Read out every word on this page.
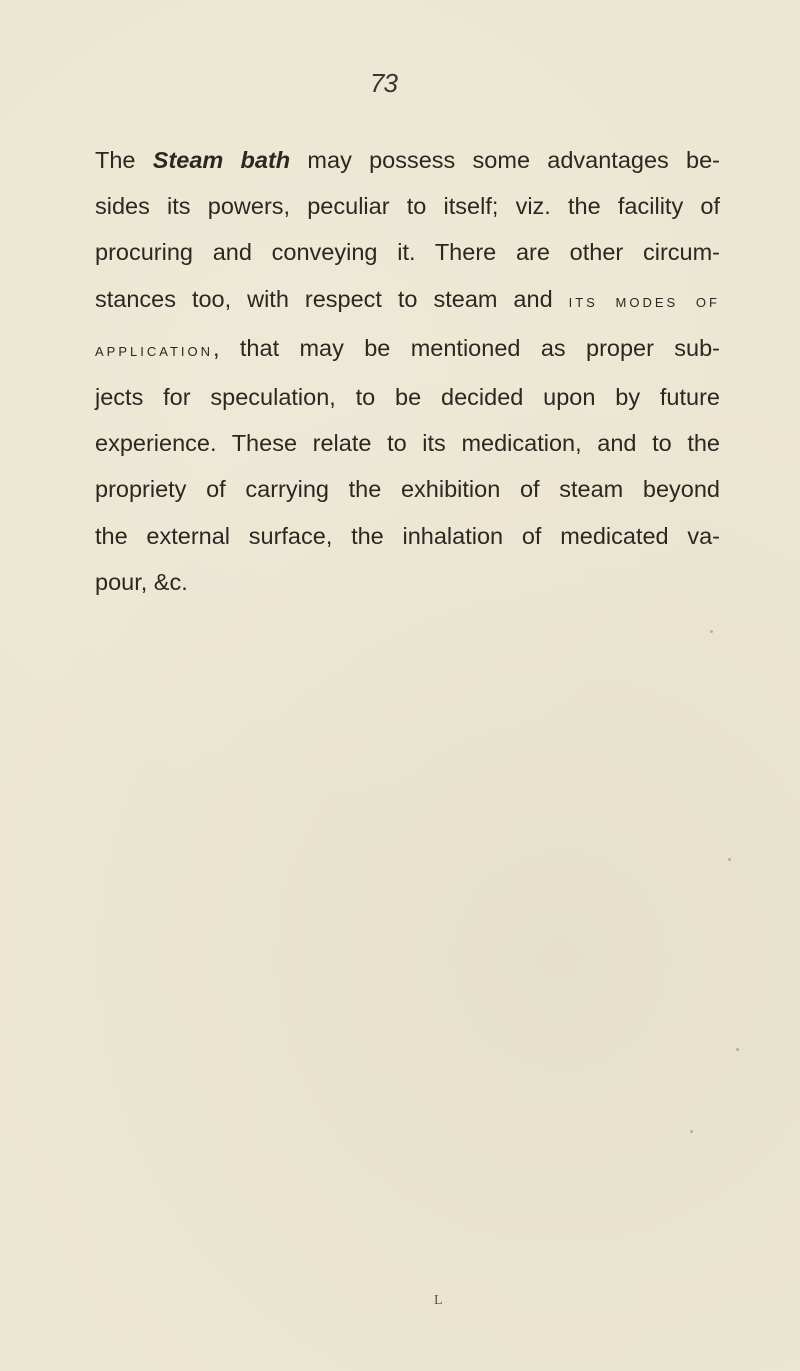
73

The Steam bath may possess some advantages be-
sides its powers, peculiar to itself; viz. the facility of
procuring and conveying it. There are other circum-
stances too, with respect to steam and its modes of
application, that may be mentioned as proper sub-
jects for speculation, to be decided upon by future
experience. These relate to its medication, and to the
propriety of carrying the exhibition of steam beyond
the external surface, the inhalation of medicated va-
pour, &c.

L
